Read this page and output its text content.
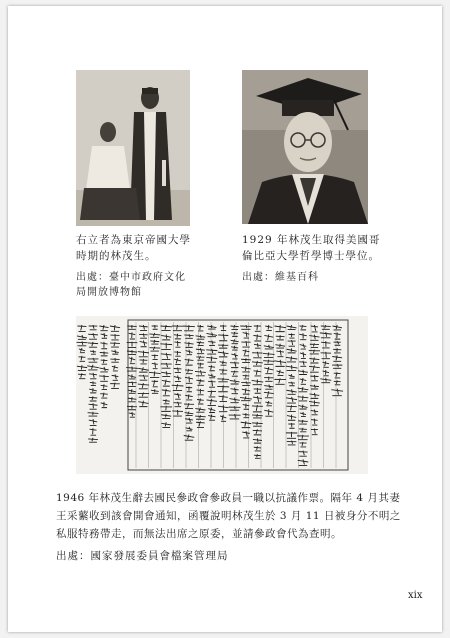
右立者為東京帝國大學
時期的林茂生。
出處：臺中市政府文化
局開放博物館
1929 年林茂生取得美國哥
倫比亞大學哲學博士學位。
出處：維基百科
1946 年林茂生辭去國民參政會參政員一職以抗議作票。隔年 4 月其妻
王采蘩收到該會開會通知，函覆說明林茂生於 3 月 11 日被身分不明之
私服特務帶走，而無法出席之原委，並請參政會代為查明。
出處：國家發展委員會檔案管理局
xix
